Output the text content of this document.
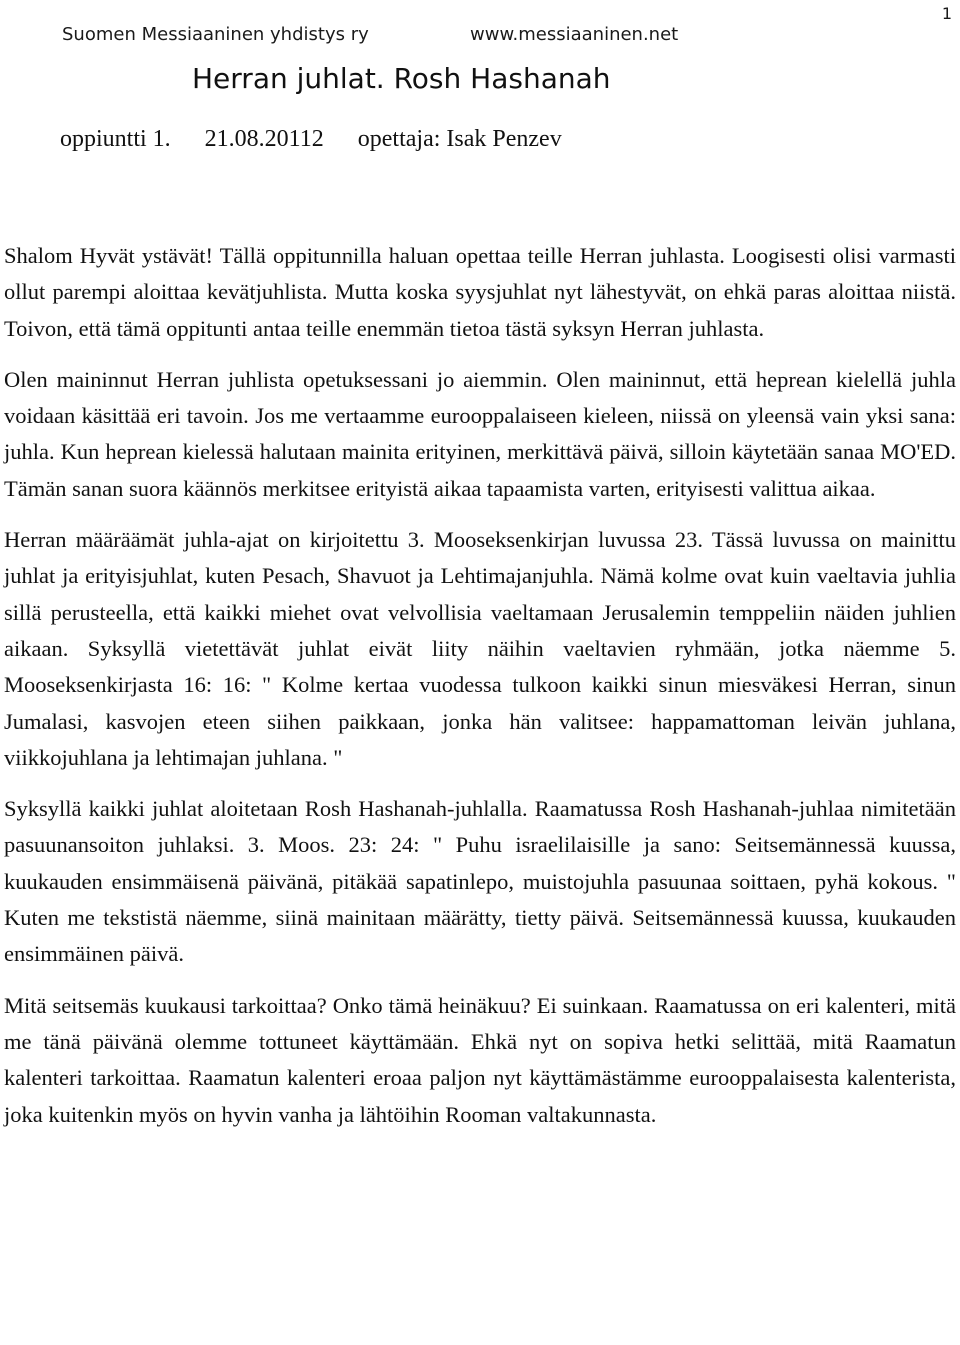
Suomen Messiaaninen yhdistys ry	www.messiaaninen.net
1
Herran juhlat. Rosh Hashanah
oppiuntti 1. 21.08.20112 opettaja: Isak Penzev

Shalom Hyvät ystävät! Tällä oppitunnilla haluan opettaa teille Herran juhlasta. Loogisesti olisi varmasti ollut parempi aloittaa kevätjuhlista. Mutta koska syysjuhlat nyt lähestyvät, on ehkä paras aloittaa niistä. Toivon, että tämä oppitunti antaa teille enemmän tietoa tästä syksyn Herran juhlasta.

Olen maininnut Herran juhlista opetuksessani jo aiemmin. Olen maininnut, että heprean kielellä juhla voidaan käsittää eri tavoin. Jos me vertaamme eurooppalaiseen kieleen, niissä on yleensä vain yksi sana: juhla. Kun heprean kielessä halutaan mainita erityinen, merkittävä päivä, silloin käytetään sanaa MO'ED. Tämän sanan suora käännös merkitsee erityistä aikaa tapaamista varten, erityisesti valittua aikaa.

Herran määräämät juhla-ajat on kirjoitettu 3. Mooseksenkirjan luvussa 23. Tässä luvussa on mainittu juhlat ja erityisjuhlat, kuten Pesach, Shavuot ja Lehtimajanjuhla. Nämä kolme ovat kuin vaeltavia juhlia sillä perusteella, että kaikki miehet ovat velvollisia vaeltamaan Jerusalemin temppeliin näiden juhlien aikaan. Syksyllä vietettävät juhlat eivät liity näihin vaeltavien ryhmään, jotka näemme 5. Mooseksenkirjasta 16: 16: " Kolme kertaa vuodessa tulkoon kaikki sinun miesväkesi Herran, sinun Jumalasi, kasvojen eteen siihen paikkaan, jonka hän valitsee: happamattoman leivän juhlana, viikkojuhlana ja lehtimajan juhlana. "

Syksyllä kaikki juhlat aloitetaan Rosh Hashanah-juhlalla. Raamatussa Rosh Hashanah-juhlaa nimitetään pasuunansoiton juhlaksi. 3. Moos. 23: 24: " Puhu israelilaisille ja sano: Seitsemännessä kuussa, kuukauden ensimmäisenä päivänä, pitäkää sapatinlepo, muistojuhla pasuunaa soittaen, pyhä kokous. " Kuten me tekstistä näemme, siinä mainitaan määrätty, tietty päivä. Seitsemännessä kuussa, kuukauden ensimmäinen päivä.

Mitä seitsemäs kuukausi tarkoittaa? Onko tämä heinäkuu? Ei suinkaan. Raamatussa on eri kalenteri, mitä me tänä päivänä olemme tottuneet käyttämään. Ehkä nyt on sopiva hetki selittää, mitä Raamatun kalenteri tarkoittaa. Raamatun kalenteri eroaa paljon nyt käyttämästämme eurooppalaisesta kalenterista, joka kuitenkin myös on hyvin vanha ja lähtöihin Rooman valtakunnasta.
